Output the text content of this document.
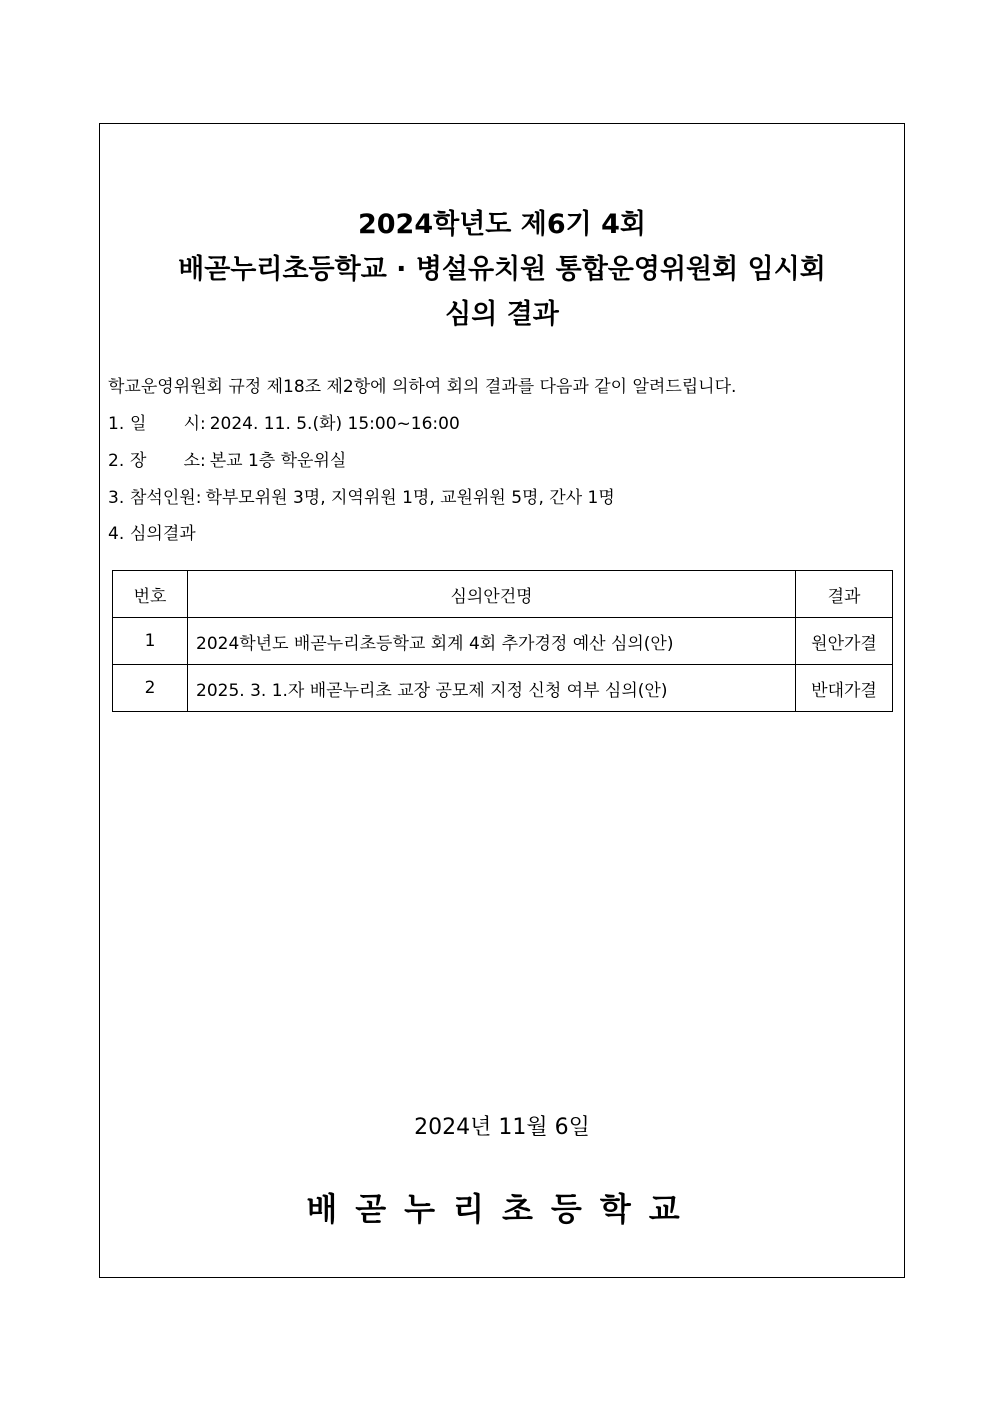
2024학년도 제6기 4회
배곧누리초등학교 · 병설유치원 통합운영위원회 임시회
심의 결과
학교운영위원회 규정 제18조 제2항에 의하여 회의 결과를 다음과 같이 알려드립니다.
1. 일 시: 2024. 11. 5.(화) 15:00~16:00
2. 장 소: 본교 1층 학운위실
3. 참석인원: 학부모위원 3명, 지역위원 1명, 교원위원 5명, 간사 1명
4. 심의결과
번호	심의안건명	결과
1	2024학년도 배곧누리초등학교 회계 4회 추가경정 예산 심의(안)	원안가결
2	2025. 3. 1.자 배곧누리초 교장 공모제 지정 신청 여부 심의(안)	반대가결
2024년 11월 6일
배곧누리초등학교
